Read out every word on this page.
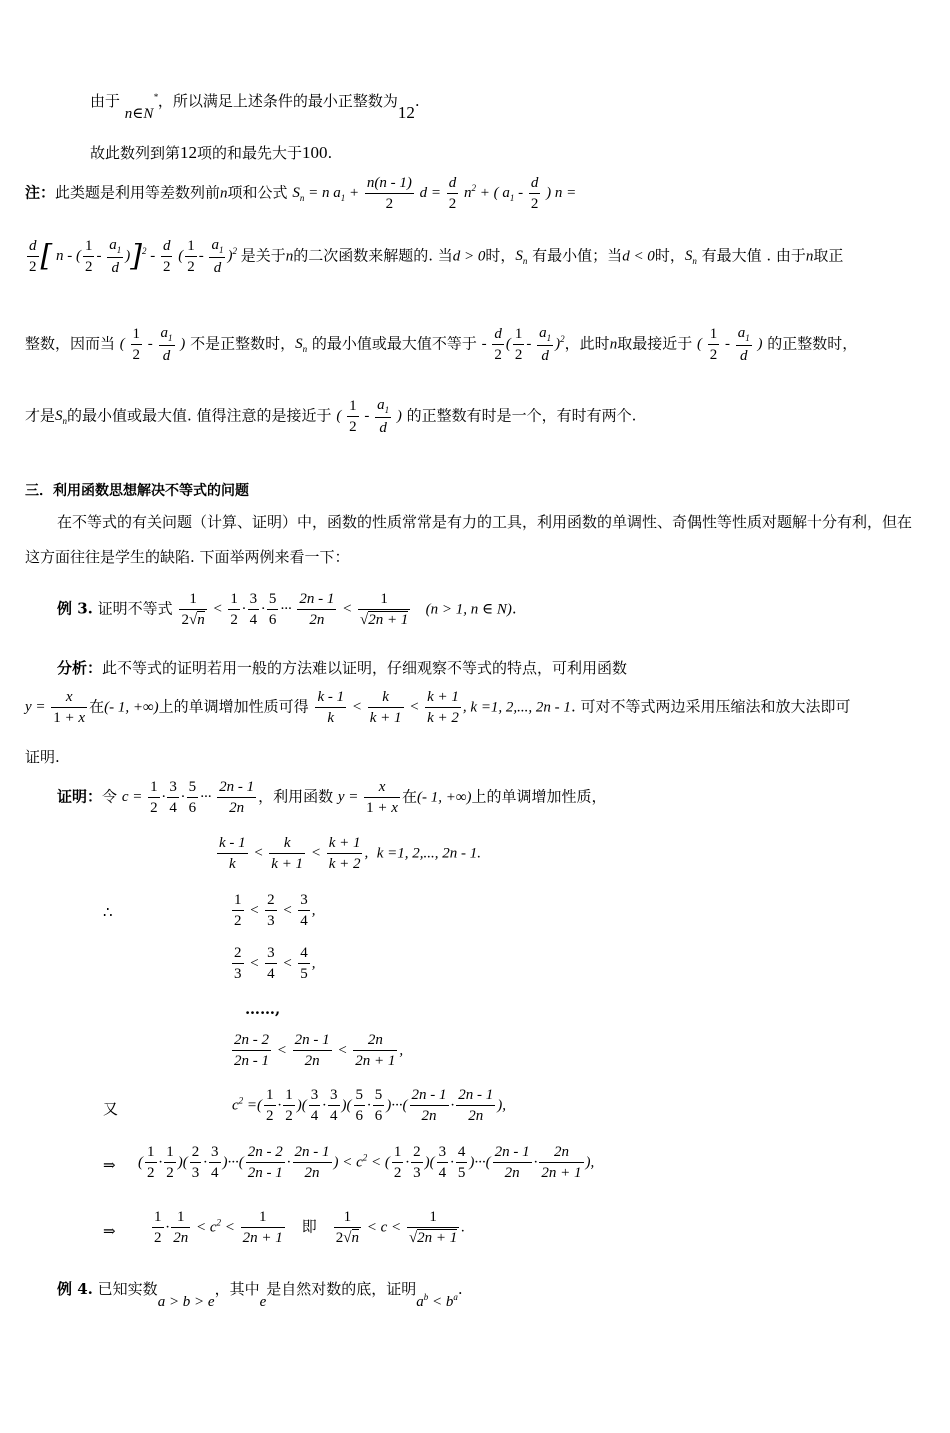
由于 n∈N*，所以满足上述条件的最小正整数为12.
故此数列到第12项的和最先大于100.
注：此类题是利用等差数列前n项和公式 $S_n = n$ $a_1 + \frac{n(n - 1)}{2}$ $d = \frac{d}{2} n^2$ + ( $a_1 - \frac{d}{2}$ ) n =
$\frac{d}{2}$ [ n - ( $\frac{1}{2} - \frac{a_1}{d} )]^2 - \frac{d}{2}$ ( $\frac{1}{2} - \frac{a_1}{d} )^2$ 是关于n的二次函数来解题的. 当d > 0时，$S_n$ 有最小值；当d < 0时，$S_n$ 有最大值 . 由于n取正
整数，因而当 ( $\frac{1}{2} - \frac{a_1}{d}$ ) 不是正整数时，$S_n$ 的最小值或最大值不等于 - $\frac{d}{2}$ ( $\frac{1}{2} - \frac{a_1}{d} )^2$，此时n取最接近于 ( $\frac{1}{2} - \frac{a_1}{d}$ ) 的正整数时，
才是$S_n$的最小值或最大值. 值得注意的是接近于 ( $\frac{1}{2} - \frac{a_1}{d}$ ) 的正整数有时是一个，有时有两个.
三．利用函数思想解决不等式的问题
在不等式的有关问题（计算、证明）中，函数的性质常常是有力的工具，利用函数的单调性、奇偶性等性质对题解十分有利，但在
这方面往往是学生的缺陷. 下面举两例来看一下：
例 3. 证明不等式 $\frac{1}{2√n} < \frac{1}{2} \cdot \frac{3}{4} \cdot \frac{5}{6}$ ··· $\frac{2n - 1}{2n} < \frac{1}{√2n + 1} (n > 1$, n ∈ N).
分析：此不等式的证明若用一般的方法难以证明，仔细观察不等式的特点，可利用函数
$y = \frac{x}{1 + x}$ 在(- 1, +∞)上的单调增加性质可得 $\frac{k - 1}{k} < \frac{k}{k + 1} < \frac{k + 1}{k + 2}$ , k =1, 2,..., 2n - 1. 可对不等式两边采用压缩法和放大法即可
证明.
证明：令 $c = \frac{1}{2} \cdot \frac{3}{4} \cdot \frac{5}{6}$ ··· $\frac{2n - 1}{2n}$ ，利用函数 $y = \frac{x}{1 + x}$ 在(- 1, +∞)上的单调增加性质，
$\frac{k - 1}{k} < \frac{k}{k + 1} < \frac{k + 1}{k + 2}$ ,  k =1, 2,..., 2n - 1.
∴	$\frac{1}{2} < \frac{2}{3} < \frac{3}{4}$ ,
$\frac{2}{3} < \frac{3}{4} < \frac{4}{5}$ ,
……,
$\frac{2n - 2}{2n - 1} < \frac{2n - 1}{2n} < \frac{2n}{2n + 1}$ ,
又	$c^2$ =( $\frac{1}{2} \cdot \frac{1}{2}$ )( $\frac{3}{4} \cdot \frac{3}{4}$ )( $\frac{5}{6} \cdot \frac{5}{6}$ )···( $\frac{2n - 1}{2n} \cdot \frac{2n - 1}{2n}$ ),
⇒ ( $\frac{1}{2} \cdot \frac{1}{2}$ )( $\frac{2}{3} \cdot \frac{3}{4}$ )···( $\frac{2n - 2}{2n - 1} \cdot \frac{2n - 1}{2n}$ ) < $c^2$ < ( $\frac{1}{2} \cdot \frac{2}{3}$ )( $\frac{3}{4} \cdot \frac{4}{5}$ )···( $\frac{2n - 1}{2n} \cdot \frac{2n}{2n + 1}$ ),
⇒ $\frac{1}{2} \cdot \frac{1}{2n} < c^2 < \frac{1}{2n + 1}$ 即 $\frac{1}{2√n} < c < \frac{1}{√2n + 1}$ .
例 4. 已知实数a > b > e，其中e是自然对数的底，证明$a^b < b^a$.
